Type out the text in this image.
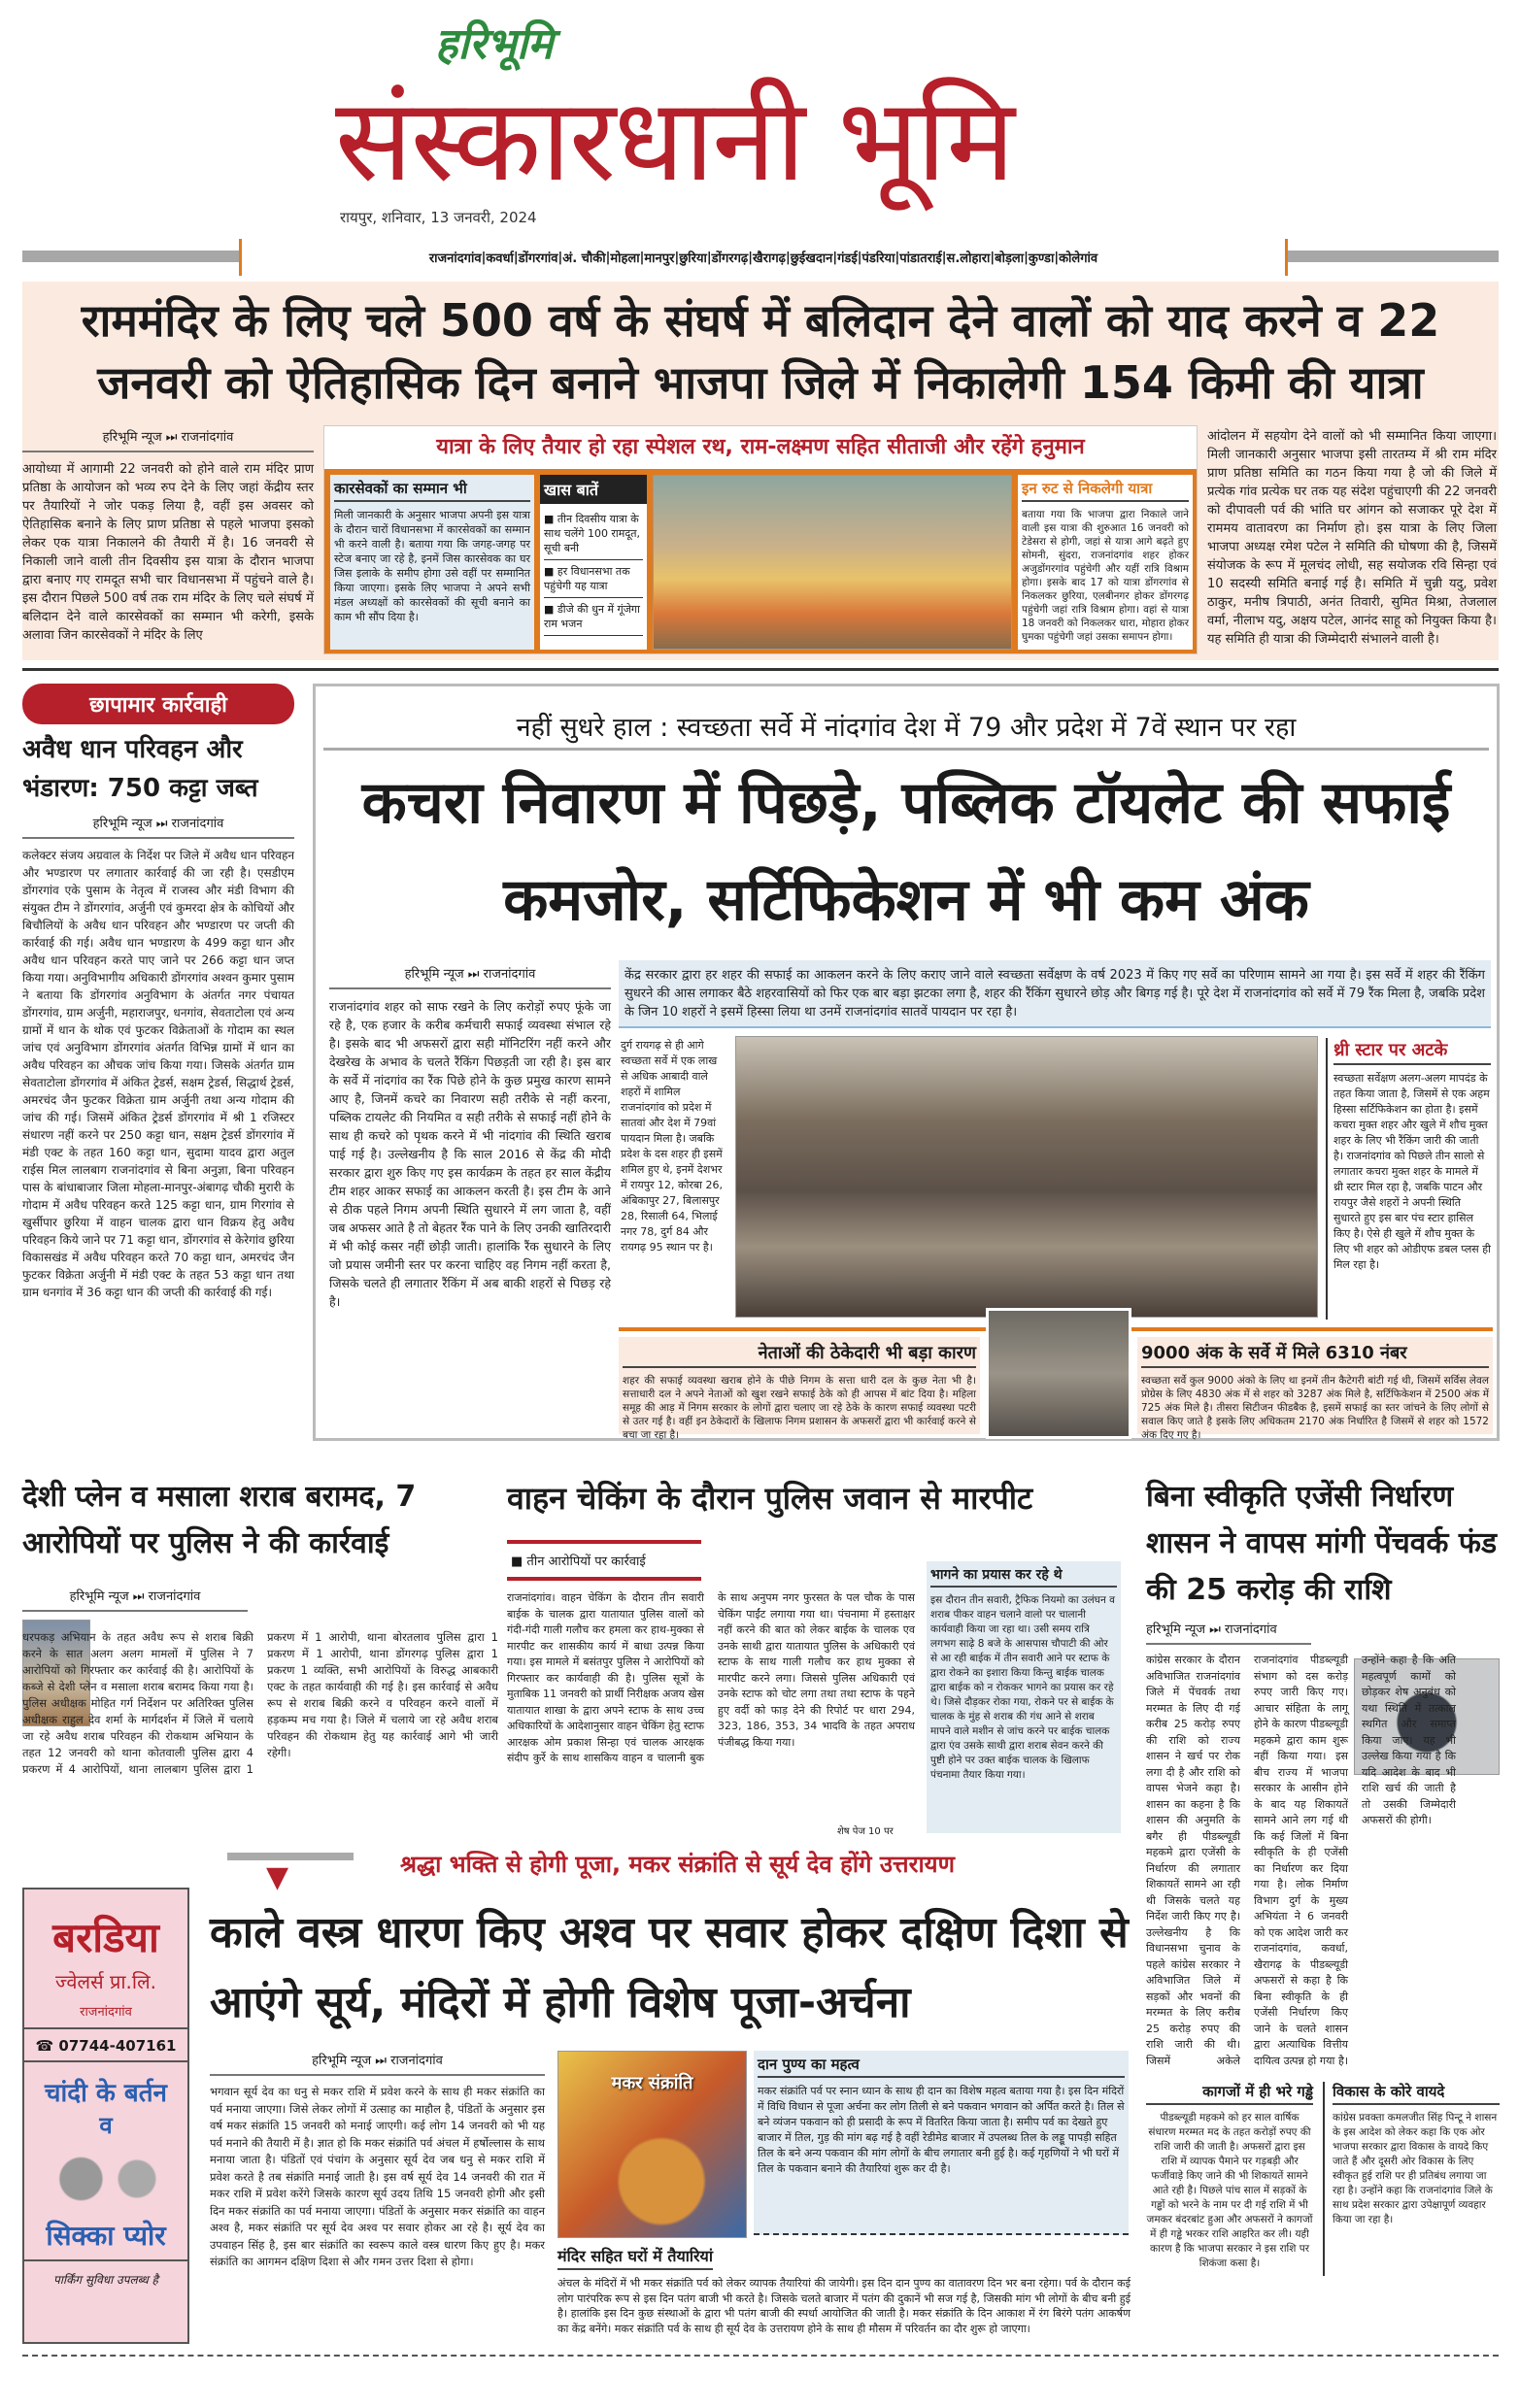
हरिभूमि
संस्कारधानी भूमि
रायपुर, शनिवार, 13 जनवरी, 2024
राजनांदगांव | कवर्धा | डोंगरगांव | अं. चौकी | मोहला | मानपुर | छुरिया | डोंगरगढ़ | खैरागढ़ | छुईखदान | गंडई | पंडरिया | पांडातराई | स.लोहारा | बोड़ला | कुण्डा | कोलेगांव
राममंदिर के लिए चले 500 वर्ष के संघर्ष में बलिदान देने वालों को याद करने व 22 जनवरी को ऐतिहासिक दिन बनाने भाजपा जिले में निकालेगी 154 किमी की यात्रा
हरिभूमि न्यूज ⏭ राजनांदगांव
आयोध्या में आगामी 22 जनवरी को होने वाले राम मंदिर प्राण प्रतिष्ठा के आयोजन को भव्य रुप देने के लिए जहां केंद्रीय स्तर पर तैयारियों ने जोर पकड़ लिया है, वहीं इस अवसर को ऐतिहासिक बनाने के लिए प्राण प्रतिष्ठा से पहले भाजपा इसको लेकर एक यात्रा निकालने की तैयारी में है। 16 जनवरी से निकाली जाने वाली तीन दिवसीय इस यात्रा के दौरान भाजपा द्वारा बनाए गए रामदूत सभी चार विधानसभा में पहुंचने वाले है। इस दौरान पिछले 500 वर्ष तक राम मंदिर के लिए चले संघर्ष में बलिदान देने वाले कारसेवकों का सम्मान भी करेगी, इसके अलावा जिन कारसेवकों ने मंदिर के लिए
यात्रा के लिए तैयार हो रहा स्पेशल रथ, राम-लक्ष्मण सहित सीताजी और रहेंगे हनुमान
कारसेवकों का सम्मान भी
मिली जानकारी के अनुसार भाजपा अपनी इस यात्रा के दौरान चारों विधानसभा में कारसेवकों का सम्मान भी करने वाली है। बताया गया कि जगह-जगह पर स्टेज बनाए जा रहे है, इनमें जिस कारसेवक का घर जिस इलाके के समीप होगा उसे वहीं पर सम्मानित किया जाएगा। इसके लिए भाजपा ने अपने सभी मंडल अध्यक्षों को कारसेवकों की सूची बनाने का काम भी सौंप दिया है।
खास बातें
■ तीन दिवसीय यात्रा के साथ चलेंगे 100 रामदूत, सूची बनी
■ हर विधानसभा तक पहुंचेगी यह यात्रा
■ डीजे की धुन में गूंजेगा राम भजन
इन रुट से निकलेगी यात्रा
बताया गया कि भाजपा द्वारा निकाले जाने वाली इस यात्रा की शुरुआत 16 जनवरी को टेडेसरा से होगी, जहां से यात्रा आगे बढ़ते हुए सोमनी, सुंदरा, राजनांदगांव शहर होकर अजुडोंगरगांव पहुंचेगी और यहीं रात्रि विश्राम होगा। इसके बाद 17 को यात्रा डोंगरगांव से निकलकर छुरिया, एलबीनगर होकर डोंगरगढ़ पहुंचेगी जहां रात्रि विश्राम होगा। वहां से यात्रा 18 जनवरी को निकलकर धारा, मोहारा होकर घुमका पहुंचेगी जहां उसका समापन होगा।
आंदोलन में सहयोग देने वालों को भी सम्मानित किया जाएगा। मिली जानकारी अनुसार भाजपा इसी तारतम्य में श्री राम मंदिर प्राण प्रतिष्ठा समिति का गठन किया गया है जो की जिले में प्रत्येक गांव प्रत्येक घर तक यह संदेश पहुंचाएगी की 22 जनवरी को दीपावली पर्व की भांति घर आंगन को सजाकर पूरे देश में राममय वातावरण का निर्माण हो। इस यात्रा के लिए जिला भाजपा अध्यक्ष रमेश पटेल ने समिति की घोषणा की है, जिसमें संयोजक के रूप में मूलचंद लोधी, सह सयोजक रवि सिन्हा एवं 10 सदस्यी समिति बनाई गई है। समिति में चुन्नी यदु, प्रवेश ठाकुर, मनीष त्रिपाठी, अनंत तिवारी, सुमित मिश्रा, तेजलाल वर्मा, नीलाभ यदु, अक्षय पटेल, आनंद साहू को नियुक्त किया है। यह समिति ही यात्रा की जिम्मेदारी संभालने वाली है।
छापामार कार्रवाही
अवैध धान परिवहन और भंडारण: 750 कट्टा जब्त
हरिभूमि न्यूज ⏭ राजनांदगांव
कलेक्टर संजय अग्रवाल के निर्देश पर जिले में अवैध धान परिवहन और भण्डारण पर लगातार कार्रवाई की जा रही है। एसडीएम डोंगरगांव एके पुसाम के नेतृत्व में राजस्व और मंडी विभाग की संयुक्त टीम ने डोंगरगांव, अर्जुनी एवं कुमरदा क्षेत्र के कोचियों और बिचौलियों के अवैध धान परिवहन और भण्डारण पर जप्ती की कार्रवाई की गई। अवैध धान भण्डारण के 499 कट्टा धान और अवैध धान परिवहन करते पाए जाने पर 266 कट्टा धान जप्त किया गया। अनुविभागीय अधिकारी डोंगरगांव अश्वन कुमार पुसाम ने बताया कि डोंगरगांव अनुविभाग के अंतर्गत नगर पंचायत डोंगरगांव, ग्राम अर्जुनी, महाराजपुर, धनगांव, सेवताटोला एवं अन्य ग्रामों में धान के थोक एवं फुटकर विक्रेताओं के गोदाम का स्थल जांच एवं अनुविभाग डोंगरगांव अंतर्गत विभिन्न ग्रामों में धान का अवैध परिवहन का औचक जांच किया गया। जिसके अंतर्गत ग्राम सेवताटोला डोंगरगांव में अंकित ट्रेडर्स, सक्षम ट्रेडर्स, सिद्धार्थ ट्रेडर्स, अमरचंद जैन फुटकर विक्रेता ग्राम अर्जुनी तथा अन्य गोदाम की जांच की गई। जिसमें अंकित ट्रेडर्स डोंगरगांव में श्री 1 रजिस्टर संधारण नहीं करने पर 250 कट्टा धान, सक्षम ट्रेडर्स डोंगरगांव में मंडी एक्ट के तहत 160 कट्टा धान, सुदामा यादव द्वारा अतुल राईस मिल लालबाग राजनांदगांव से बिना अनुज्ञा, बिना परिवहन पास के बांधाबाजार जिला मोहला-मानपुर-अंबागढ़ चौकी मुरारी के गोदाम में अवैध परिवहन करते 125 कट्टा धान, ग्राम गिरगांव से खुर्सीपार छुरिया में वाहन चालक द्वारा धान विक्रय हेतु अवैध परिवहन किये जाने पर 71 कट्टा धान, डोंगरगांव से केरेगांव छुरिया विकासखंड में अवैध परिवहन करते 70 कट्टा धान, अमरचंद जैन फुटकर विक्रेता अर्जुनी में मंडी एक्ट के तहत 53 कट्टा धान तथा ग्राम धनगांव में 36 कट्टा धान की जप्ती की कार्रवाई की गई।
नहीं सुधरे हाल : स्वच्छता सर्वे में नांदगांव देश में 79 और प्रदेश में 7वें स्थान पर रहा
कचरा निवारण में पिछड़े, पब्लिक टॉयलेट की सफाई कमजोर, सर्टिफिकेशन में भी कम अंक
हरिभूमि न्यूज ⏭ राजनांदगांव
राजनांदगांव शहर को साफ रखने के लिए करोड़ों रुपए फूंके जा रहे है, एक हजार के करीब कर्मचारी सफाई व्यवस्था संभाल रहे है। इसके बाद भी अफसरों द्वारा सही मॉनिटरिंग नहीं करने और देखरेख के अभाव के चलते रैंकिंग पिछड़ती जा रही है। इस बार के सर्वे में नांदगांव का रैंक पिछे होने के कुछ प्रमुख कारण सामने आए है, जिनमें कचरे का निवारण सही तरीके से नहीं करना, पब्लिक टायलेट की नियमित व सही तरीके से सफाई नहीं होने के साथ ही कचरे को पृथक करने में भी नांदगांव की स्थिति खराब पाई गई है। उल्लेखनीय है कि साल 2016 से केंद्र की मोदी सरकार द्वारा शुरु किए गए इस कार्यक्रम के तहत हर साल केंद्रीय टीम शहर आकर सफाई का आकलन करती है। इस टीम के आने से ठीक पहले निगम अपनी स्थिति सुधारने में लग जाता है, वहीं जब अफसर आते है तो बेहतर रैंक पाने के लिए उनकी खातिरदारी में भी कोई कसर नहीं छोड़ी जाती। हालांकि रैंक सुधारने के लिए जो प्रयास जमीनी स्तर पर करना चाहिए वह निगम नहीं करता है, जिसके चलते ही लगातार रैंकिंग में अब बाकी शहरों से पिछड़ रहे है।
केंद्र सरकार द्वारा हर शहर की सफाई का आकलन करने के लिए कराए जाने वाले स्वच्छता सर्वेक्षण के वर्ष 2023 में किए गए सर्वे का परिणाम सामने आ गया है। इस सर्वे में शहर की रैंकिंग सुधरने की आस लगाकर बैठे शहरवासियों को फिर एक बार बड़ा झटका लगा है, शहर की रैंकिंग सुधारने छोड़ और बिगड़ गई है। पूरे देश में राजनांदगांव को सर्वे में 79 रैंक मिला है, जबकि प्रदेश के जिन 10 शहरों ने इसमें हिस्सा लिया था उनमें राजनांदगांव सातवें पायदान पर रहा है।
दुर्ग रायगढ़ से ही आगे स्वच्छता सर्वे में एक लाख से अधिक आबादी वाले शहरों में शामिल राजनांदगांव को प्रदेश में सातवां और देश में 79वां पायदान मिला है। जबकि प्रदेश के दस शहर ही इसमें शमिल हुए थे, इनमें देशभर में रायपुर 12, कोरबा 26, अंबिकापुर 27, बिलासपुर 28, रिसाली 64, भिलाई नगर 78, दुर्ग 84 और रायगढ़ 95 स्थान पर है।
थ्री स्टार पर अटके
स्वच्छता सर्वेक्षण अलग-अलग मापदंड के तहत किया जाता है, जिसमें से एक अहम हिस्सा सर्टिफिकेशन का होता है। इसमें कचरा मुक्त शहर और खुले में शौच मुक्त शहर के लिए भी रैंकिंग जारी की जाती है। राजनांदगांव को पिछले तीन सालो से लगातार कचरा मुक्त शहर के मामले में थ्री स्टार मिल रहा है, जबकि पाटन और रायपुर जैसे शहरों ने अपनी स्थिति सुधारते हुए इस बार पंच स्टार हासिल किए है। ऐसे ही खुले में शौच मुक्त के लिए भी शहर को ओडीएफ डबल प्लस ही मिल रहा है।
नेताओं की ठेकेदारी भी बड़ा कारण
शहर की सफाई व्यवस्था खराब होने के पीछे निगम के सत्ता धारी दल के कुछ नेता भी है। सत्ताधारी दल ने अपने नेताओं को खुश रखने सफाई ठेके को ही आपस में बांट दिया है। महिला समूह की आड़ में निगम सरकार के लोगों द्वारा चलाए जा रहे ठेके के कारण सफाई व्यवस्था पटरी से उतर गई है। वहीं इन ठेकेदारों के खिलाफ निगम प्रशासन के अफसरों द्वारा भी कार्रवाई करने से बचा जा रहा है।
9000 अंक के सर्वे में मिले 6310 नंबर
स्वच्छता सर्वे कुल 9000 अंको के लिए था इनमें तीन कैटेगरी बांटी गई थी, जिसमें सर्विस लेवल प्रोग्रेस के लिए 4830 अंक में से शहर को 3287 अंक मिले है, सर्टिफिकेशन में 2500 अंक में 725 अंक मिले है। तीसरा सिटीजन फीडबैक है, इसमें सफाई का स्तर जांचने के लिए लोगों से सवाल किए जाते है इसके लिए अधिकतम 2170 अंक निर्धारित है जिसमें से शहर को 1572 अंक दिए गए है।
देशी प्लेन व मसाला शराब बरामद, 7 आरोपियों पर पुलिस ने की कार्रवाई
हरिभूमि न्यूज ⏭ राजनांदगांव
धरपकड़ अभियान के तहत अवैध रूप से शराब बिक्री करने के सात अलग अलग मामलों में पुलिस ने 7 आरोपियों को गिरफ्तार कर कार्रवाई की है। आरोपियों के कब्जे से देशी प्लेन व मसाला शराब बरामद किया गया है। पुलिस अधीक्षक मोहित गर्ग निर्देशन पर अतिरिक्त पुलिस अधीक्षक राहुल देव शर्मा के मार्गदर्शन में जिले में चलाये जा रहे अवैध शराब परिवहन की रोकथाम अभियान के तहत 12 जनवरी को थाना कोतवाली पुलिस द्वारा 4 प्रकरण में 4 आरोपियों, थाना लालबाग पुलिस द्वारा 1 प्रकरण में 1 आरोपी, थाना बोरतलाव पुलिस द्वारा 1 प्रकरण में 1 आरोपी, थाना डोंगरगढ़ पुलिस द्वारा 1 प्रकरण 1 व्यक्ति, सभी आरोपियों के विरुद्ध आबकारी एक्ट के तहत कार्यवाही की गई है। इस कार्रवाई से अवैध रूप से शराब बिक्री करने व परिवहन करने वालों में हड़कम्प मच गया है। जिले में चलाये जा रहे अवैध शराब परिवहन की रोकथाम हेतु यह कार्रवाई आगे भी जारी रहेगी।
वाहन चेकिंग के दौरान पुलिस जवान से मारपीट
■ तीन आरोपियों पर कार्रवाई
राजनांदगांव। वाहन चेकिंग के दौरान तीन सवारी बाईक के चालक द्वारा यातायात पुलिस वालों को गंदी-गंदी गाली गलौच कर हमला कर हाथ-मुक्का से मारपीट कर शासकीय कार्य में बाधा उत्पन्न किया गया। इस मामले में बसंतपुर पुलिस ने आरोपियों को गिरफ्तार कर कार्यवाही की है। पुलिस सूत्रों के मुताबिक 11 जनवरी को प्रार्थी निरीक्षक अजय खेस यातायात शाखा के द्वारा अपने स्टाफ के साथ उच्च अधिकारियों के आदेशानुसार वाहन चेकिंग हेतु स्टाफ आरक्षक ओम प्रकाश सिन्हा एवं चालक आरक्षक संदीप कुर्रे के साथ शासकिय वाहन व चालानी बुक के साथ अनुपम नगर फुरसत के पल चौक के पास चेकिंग पाईंट लगाया गया था। पंचनामा में हस्ताक्षर नहीं करने की बात को लेकर बाईक के चालक एव उनके साथी द्वारा यातायात पुलिस के अधिकारी एवं स्टाफ के साथ गाली गलौच कर हाथ मुक्का से मारपीट करने लगा। जिससे पुलिस अधिकारी एवं उनके स्टाफ को चोट लगा तथा तथा स्टाफ के पहने हुए वर्दी को फाड़ देने की रिपोर्ट पर धारा 294, 323, 186, 353, 34 भादवि के तहत अपराध पंजीबद्ध किया गया।
शेष पेज 10 पर
भागने का प्रयास कर रहे थे
इस दौरान तीन सवारी, ट्रैफिक नियमो का उलंघन व शराब पीकर वाहन चलाने वालो पर चालानी कार्यवाही किया जा रहा था। उसी समय रात्रि लगभग साढ़े 8 बजे के आसपास चौपाटी की ओर से आ रही बाईक में तीन सवारी आने पर स्टाफ के द्वारा रोकने का इशारा किया किन्तु बाईक चालक द्वारा बाईक को न रोककर भागने का प्रयास कर रहे थे। जिसे दौड़कर रोका गया, रोकने पर से बाईक के चालक के मुंह से शराब की गंध आने से शराब मापने वाले मशीन से जांच करने पर बाईक चालक द्वारा एंव उसके साथी द्वारा शराब सेवन करने की पुष्टी होने पर उक्त बाईक चालक के खिलाफ पंचनामा तैयार किया गया।
बिना स्वीकृति एजेंसी निर्धारण शासन ने वापस मांगी पेंचवर्क फंड की 25 करोड़ की राशि
हरिभूमि न्यूज ⏭ राजनांदगांव
कांग्रेस सरकार के दौरान अविभाजित राजनांदगांव जिले में पेंचवर्क तथा मरम्मत के लिए दी गई करीब 25 करोड़ रुपए की राशि को राज्य शासन ने खर्च पर रोक लगा दी है और राशि को वापस भेजने कहा है। शासन का कहना है कि शासन की अनुमति के बगैर ही पीडब्ल्यूडी महकमे द्वारा एजेंसी के निर्धारण की लगातार शिकायतें सामने आ रही थी जिसके चलते यह निर्देश जारी किए गए है। उल्लेखनीय है कि विधानसभा चुनाव के पहले कांग्रेस सरकार ने अविभाजित जिले में सड़कों और भवनों की मरम्मत के लिए करीब 25 करोड़ रुपए की राशि जारी की थी। जिसमें अकेले राजनांदगांव पीडब्ल्यूडी संभाग को दस करोड़ रुपए जारी किए गए। आचार संहिता के लागू होने के कारण पीडब्ल्यूडी महकमे द्वारा काम शुरू नहीं किया गया। इस बीच राज्य में भाजपा सरकार के आसीन होने के बाद यह शिकायतें सामने आने लग गई थी कि कई जिलों में बिना स्वीकृति के ही एजेंसी का निर्धारण कर दिया गया है। लोक निर्माण विभाग दुर्ग के मुख्य अभियंता ने 6 जनवरी को एक आदेश जारी कर राजनांदगांव, कवर्धा, खैरागढ़ के पीडब्ल्यूडी अफसरों से कहा है कि बिना स्वीकृति के ही एजेंसी निर्धारण किए जाने के चलते शासन द्वारा अत्याधिक वित्तीय दायित्व उत्पन्न हो गया है। राशि खर्च की जाती है तो उसकी जिम्मेदारी अफसरों की होगी।
कागजों में ही भरे गड्ढे
पीडब्ल्यूडी महकमे को हर साल वार्षिक संधारण मरम्मत मद के तहत करोड़ों रुपए की राशि जारी की जाती है। अफसरों द्वारा इस राशि में व्यापक पैमाने पर गड़बड़ी और फर्जीवाड़े किए जाने की भी शिकायतें सामने आते रही है। पिछले पांच साल में सड़कों के गड्ढों को भरने के नाम पर दी गई राशि में भी जमकर बंदरबांट हुआ और अफसरों ने कागजों में ही गड्ढे भरकर राशि आहरित कर ली। यही कारण है कि भाजपा सरकार ने इस राशि पर शिकंजा कसा है।
विकास के कोरे वायदे
कांग्रेस प्रवक्ता कमलजीत सिंह पिन्टू ने शासन के इस आदेश को लेकर कहा कि एक ओर भाजपा सरकार द्वारा विकास के वायदे किए जाते हैं और दूसरी ओर विकास के लिए स्वीकृत हुई राशि पर ही प्रतिबंध लगाया जा रहा है। उन्होंने कहा कि राजनांदगांव जिले के साथ प्रदेश सरकार द्वारा उपेक्षापूर्ण व्यवहार किया जा रहा है।
बरडिया
ज्वेलर्स प्रा.लि.
राजनांदगांव
☎ 07744-407161
चांदी के बर्तन
व
सिक्का प्योर
पार्किंग सुविधा उपलब्ध है
▼	श्रद्धा भक्ति से होगी पूजा, मकर संक्रांति से सूर्य देव होंगे उत्तरायण
काले वस्त्र धारण किए अश्व पर सवार होकर दक्षिण दिशा से आएंगे सूर्य, मंदिरों में होगी विशेष पूजा-अर्चना
हरिभूमि न्यूज ⏭ राजनांदगांव
भगवान सूर्य देव का धनु से मकर राशि में प्रवेश करने के साथ ही मकर संक्रांति का पर्व मनाया जाएगा। जिसे लेकर लोगों में उत्साह का माहौल है, पंडितों के अनुसार इस वर्ष मकर संक्रांति 15 जनवरी को मनाई जाएगी। कई लोग 14 जनवरी को भी यह पर्व मनाने की तैयारी में है। ज्ञात हो कि मकर संक्रांति पर्व अंचल में हर्षोल्लास के साथ मनाया जाता है। पंडितों एवं पंचांग के अनुसार सूर्य देव जब धनु से मकर राशि में प्रवेश करते है तब संक्रांति मनाई जाती है। इस वर्ष सूर्य देव 14 जनवरी की रात में मकर राशि में प्रवेश करेंगे जिसके कारण सूर्य उदय तिथि 15 जनवरी होगी और इसी दिन मकर संक्रांति का पर्व मनाया जाएगा। पंडितों के अनुसार मकर संक्रांति का वाहन अश्व है, मकर संक्रांति पर सूर्य देव अश्व पर सवार होकर आ रहे है। सूर्य देव का उपवाहन सिंह है, इस बार संक्रांति का स्वरूप काले वस्त्र धारण किए हुए है। मकर संक्रांति का आगमन दक्षिण दिशा से और गमन उत्तर दिशा से होगा।
मकर संक्रांति
दान पुण्य का महत्व
मकर संक्रांति पर्व पर स्नान ध्यान के साथ ही दान का विशेष महत्व बताया गया है। इस दिन मंदिरों में विधि विधान से पूजा अर्चना कर लोग तिली से बने पकवान भगवान को अर्पित करते है। तिल से बने व्यंजन पकवान को ही प्रसादी के रूप में वितरित किया जाता है। समीप पर्व का देखते हुए बाजार में तिल, गुड़ की मांग बढ़ गई है वहीं रेडीमेड बाजार में उपलब्ध तिल के लड्डू पापड़ी सहित तिल के बने अन्य पकवान की मांग लोगों के बीच लगातार बनी हुई है। कई गृहणियों ने भी घरों में तिल के पकवान बनाने की तैयारियां शुरू कर दी है।
मंदिर सहित घरों में तैयारियां
अंचल के मंदिरों में भी मकर संक्रांति पर्व को लेकर व्यापक तैयारियां की जायेगी। इस दिन दान पुण्य का वातावरण दिन भर बना रहेगा। पर्व के दौरान कई लोग पारंपरिक रूप से इस दिन पतंग बाजी भी करते है। जिसके चलते बाजार में पतंग की दुकानें भी सज गई है, जिसकी मांग भी लोगों के बीच बनी हुई है। हालांकि इस दिन कुछ संस्थाओं के द्वारा भी पतंग बाजी की स्पर्धा आयोजित की जाती है। मकर संक्रांति के दिन आकाश में रंग बिरंगे पतंग आकर्षण का केंद्र बनेंगे। मकर संक्रांति पर्व के साथ ही सूर्य देव के उत्तरायण होने के साथ ही मौसम में परिवर्तन का दौर शुरू हो जाएगा।
